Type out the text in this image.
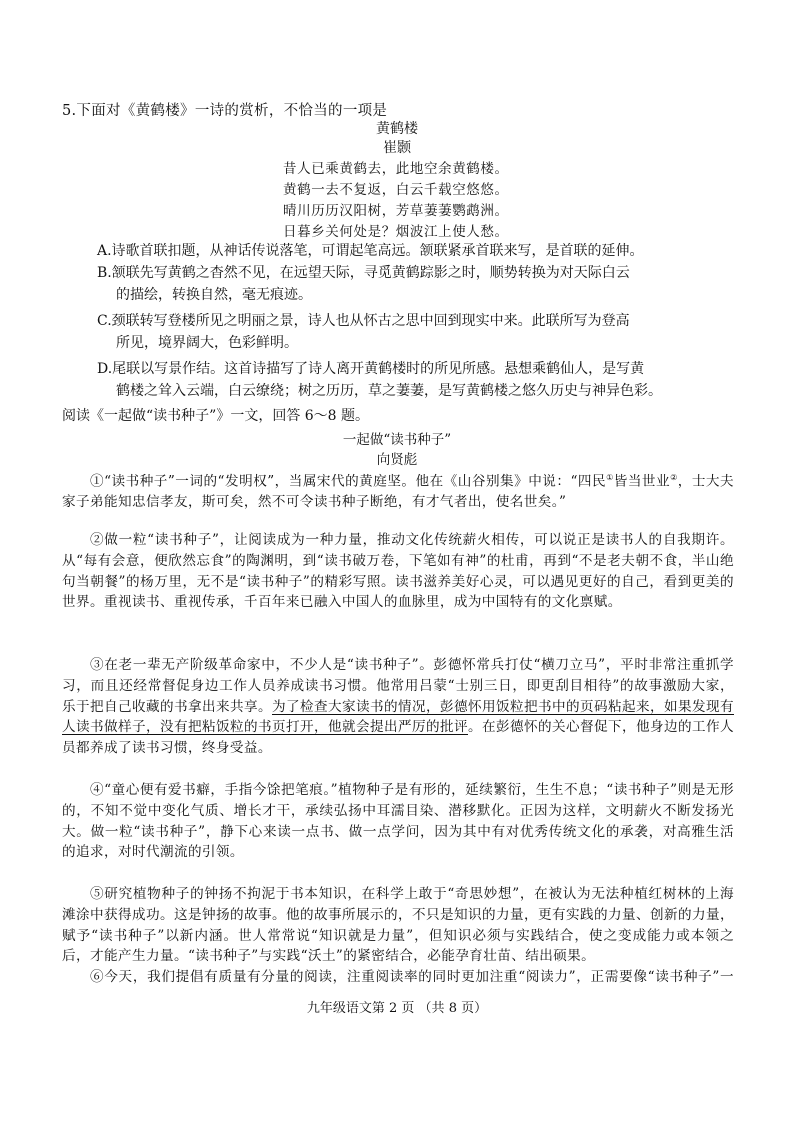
5.下面对《黄鹤楼》一诗的赏析，不恰当的一项是
黄鹤楼
崔颢
昔人已乘黄鹤去，此地空余黄鹤楼。
黄鹤一去不复返，白云千载空悠悠。
晴川历历汉阳树，芳草萋萋鹦鹉洲。
日暮乡关何处是？烟波江上使人愁。
A.诗歌首联扣题，从神话传说落笔，可谓起笔高远。颔联紧承首联来写，是首联的延伸。
B.颔联先写黄鹤之杳然不见，在远望天际，寻觅黄鹤踪影之时，顺势转换为对天际白云
的描绘，转换自然，毫无痕迹。
C.颈联转写登楼所见之明丽之景，诗人也从怀古之思中回到现实中来。此联所写为登高
所见，境界阔大，色彩鲜明。
D.尾联以写景作结。这首诗描写了诗人离开黄鹤楼时的所见所感。悬想乘鹤仙人，是写黄
鹤楼之耸入云端，白云缭绕；树之历历，草之萋萋，是写黄鹤楼之悠久历史与神异色彩。
阅读《一起做“读书种子”》一文，回答 6～8 题。
一起做“读书种子”
向贤彪
①“读书种子”一词的“发明权”，当属宋代的黄庭坚。他在《山谷别集》中说：“四民①皆当世业②，士大夫家子弟能知忠信孝友，斯可矣，然不可令读书种子断绝，有才气者出，使名世矣。”
②做一粒“读书种子”，让阅读成为一种力量，推动文化传统薪火相传，可以说正是读书人的自我期许。从“每有会意，便欣然忘食”的陶渊明，到“读书破万卷，下笔如有神”的杜甫，再到“不是老夫朝不食，半山绝句当朝餐”的杨万里，无不是“读书种子”的精彩写照。读书滋养美好心灵，可以遇见更好的自己，看到更美的世界。重视读书、重视传承，千百年来已融入中国人的血脉里，成为中国特有的文化禀赋。
③在老一辈无产阶级革命家中，不少人是“读书种子”。彭德怀常兵打仗“横刀立马”，平时非常注重抓学习，而且还经常督促身边工作人员养成读书习惯。他常用吕蒙“士别三日，即更刮目相待”的故事激励大家，乐于把自己收藏的书拿出来共享。为了检查大家读书的情况，彭德怀用饭粒把书中的页码粘起来，如果发现有人读书做样子，没有把粘饭粒的书页打开，他就会提出严厉的批评。在彭德怀的关心督促下，他身边的工作人员都养成了读书习惯，终身受益。
④“童心便有爱书癖，手指今馀把笔痕。”植物种子是有形的，延续繁衍，生生不息；“读书种子”则是无形的，不知不觉中变化气质、增长才干，承续弘扬中耳濡目染、潜移默化。正因为这样，文明薪火不断发扬光大。做一粒“读书种子”，静下心来读一点书、做一点学问，因为其中有对优秀传统文化的承袭，对高雅生活的追求，对时代潮流的引领。
⑤研究植物种子的钟扬不拘泥于书本知识，在科学上敢于“奇思妙想”，在被认为无法种植红树林的上海滩涂中获得成功。这是钟扬的故事。他的故事所展示的，不只是知识的力量，更有实践的力量、创新的力量，赋予“读书种子”以新内涵。世人常常说“知识就是力量”，但知识必须与实践结合，使之变成能力或本领之后，才能产生力量。“读书种子”与实践“沃土”的紧密结合，必能孕育壮苗、结出硕果。
⑥今天，我们提倡有质量有分量的阅读，注重阅读率的同时更加注重“阅读力”，正需要像“读书种子”一
九年级语文第 2 页 （共 8 页）
